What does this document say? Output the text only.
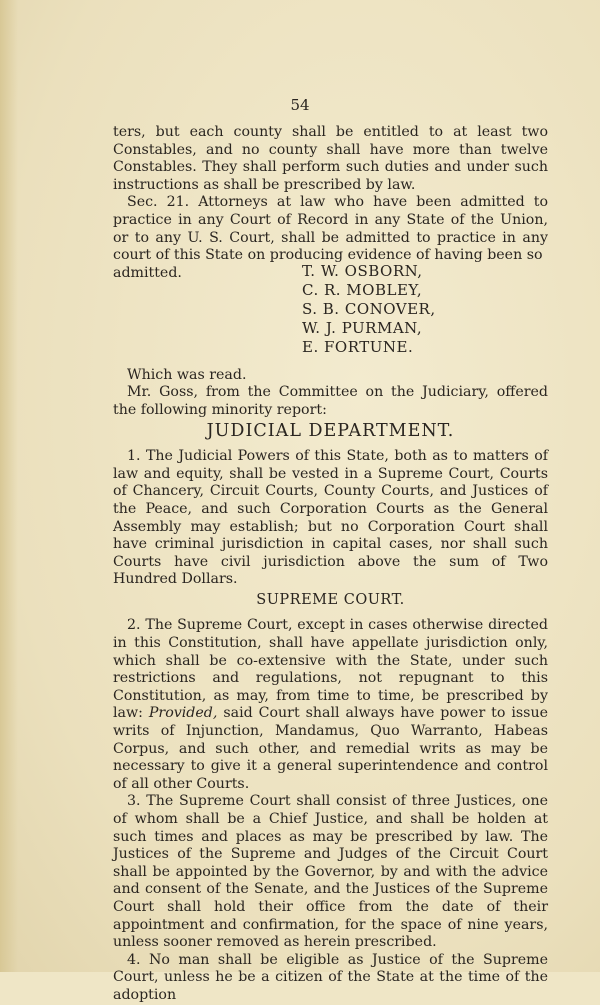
54

ters, but each county shall be entitled to at least two Constables, and no county shall have more than twelve Constables. They shall perform such duties and under such instructions as shall be prescribed by law.

Sec. 21. Attorneys at law who have been admitted to practice in any Court of Record in any State of the Union, or to any U. S. Court, shall be admitted to practice in any court of this State on producing evidence of having been so

admitted.	T. W. OSBORN,
C. R. MOBLEY,
S. B. CONOVER,
W. J. PURMAN,
E. FORTUNE.

Which was read.

Mr. Goss, from the Committee on the Judiciary, offered the following minority report:

JUDICIAL DEPARTMENT.

1. The Judicial Powers of this State, both as to matters of law and equity, shall be vested in a Supreme Court, Courts of Chancery, Circuit Courts, County Courts, and Justices of the Peace, and such Corporation Courts as the General Assembly may establish; but no Corporation Court shall have criminal jurisdiction in capital cases, nor shall such Courts have civil jurisdiction above the sum of Two Hundred Dollars.

SUPREME COURT.

2. The Supreme Court, except in cases otherwise directed in this Constitution, shall have appellate jurisdiction only, which shall be co-extensive with the State, under such restrictions and regulations, not repugnant to this Constitution, as may, from time to time, be prescribed by law: Provided, said Court shall always have power to issue writs of Injunction, Mandamus, Quo Warranto, Habeas Corpus, and such other, and remedial writs as may be necessary to give it a general superintendence and control of all other Courts.

3. The Supreme Court shall consist of three Justices, one of whom shall be a Chief Justice, and shall be holden at such times and places as may be prescribed by law. The Justices of the Supreme and Judges of the Circuit Court shall be appointed by the Governor, by and with the advice and consent of the Senate, and the Justices of the Supreme Court shall hold their office from the date of their appointment and confirmation, for the space of nine years, unless sooner removed as herein prescribed.

4. No man shall be eligible as Justice of the Supreme Court, unless he be a citizen of the State at the time of the adoption
